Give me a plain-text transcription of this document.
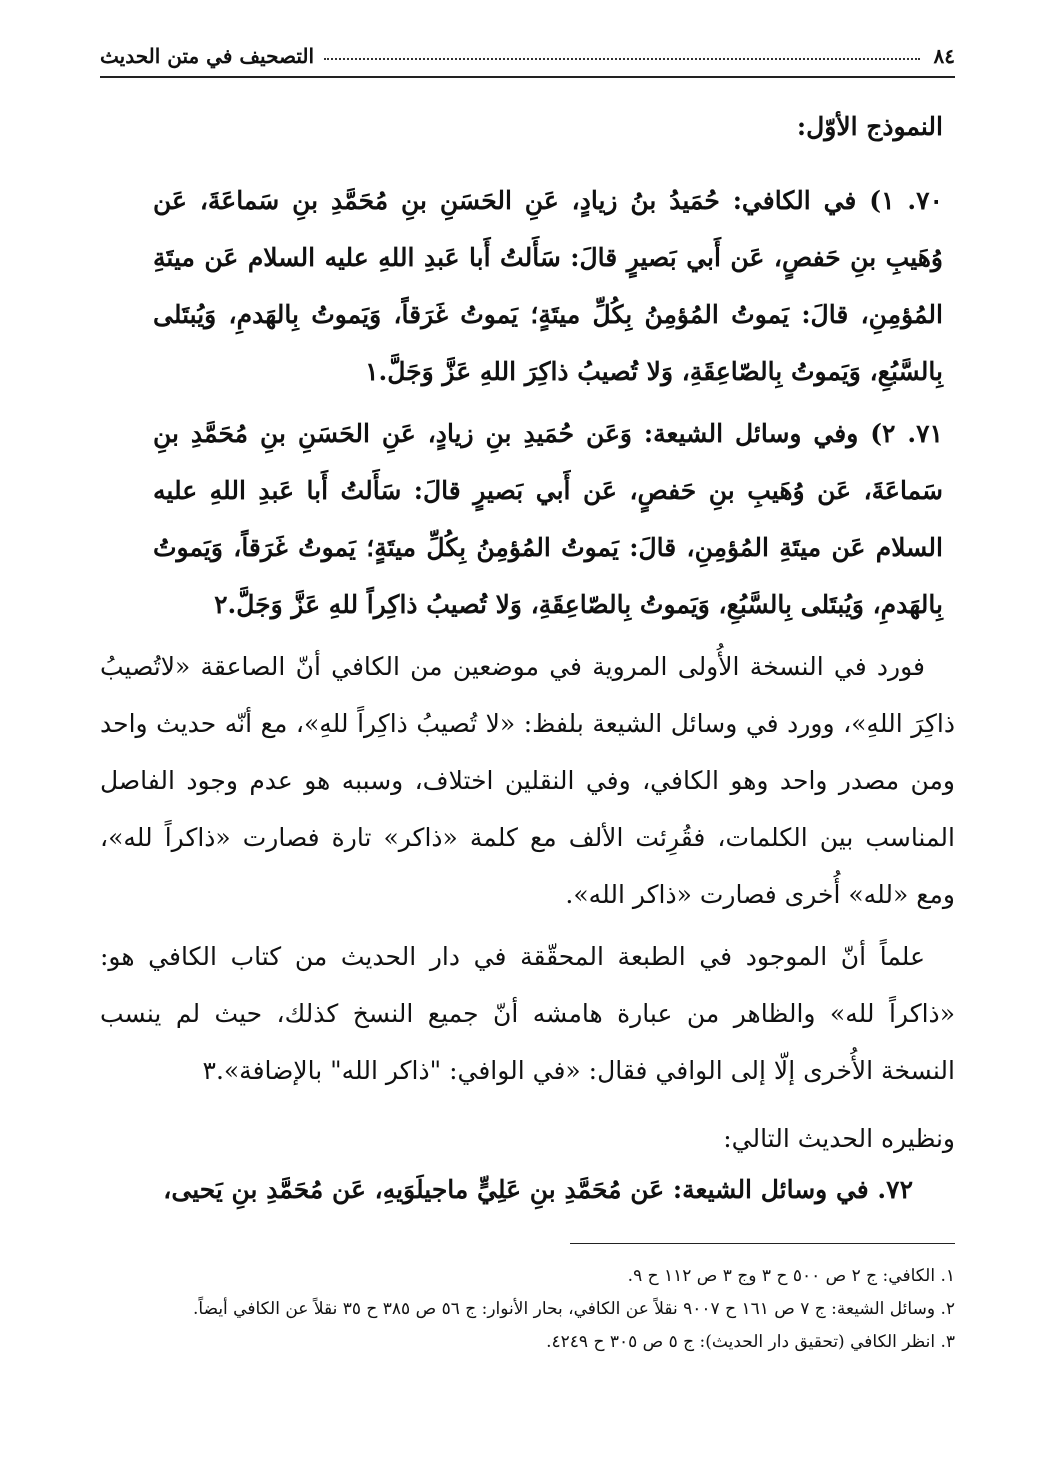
٨٤
التصحيف في متن الحديث
النموذج الأوّل:

٧٠. ١) في الكافي: حُمَيدُ بنُ زيادٍ، عَنِ الحَسَنِ بنِ مُحَمَّدِ بنِ سَماعَةَ، عَن وُهَيبِ بنِ حَفصٍ، عَن أَبي بَصيرٍ قالَ: سَأَلتُ أَبا عَبدِ اللهِ عليه السلام عَن ميتَةِ المُؤمِنِ، قالَ: يَموتُ المُؤمِنُ بِكُلِّ ميتَةٍ؛ يَموتُ غَرَقاً، وَيَموتُ بِالهَدمِ، وَيُبتَلى بِالسَّبُعِ، وَيَموتُ بِالصّاعِقَةِ، وَلا تُصيبُ ذاكِرَ اللهِ عَزَّ وَجَلَّ.١

٧١. ٢) وفي وسائل الشيعة: وَعَن حُمَيدِ بنِ زيادٍ، عَنِ الحَسَنِ بنِ مُحَمَّدِ بنِ سَماعَةَ، عَن وُهَيبِ بنِ حَفصٍ، عَن أَبي بَصيرٍ قالَ: سَأَلتُ أَبا عَبدِ اللهِ عليه السلام عَن ميتَةِ المُؤمِنِ، قالَ: يَموتُ المُؤمِنُ بِكُلِّ ميتَةٍ؛ يَموتُ غَرَقاً، وَيَموتُ بِالهَدمِ، وَيُبتَلى بِالسَّبُعِ، وَيَموتُ بِالصّاعِقَةِ، وَلا تُصيبُ ذاكِراً للهِ عَزَّ وَجَلَّ.٢

فورد في النسخة الأُولى المروية في موضعين من الكافي أنّ الصاعقة «لاتُصيبُ ذاكِرَ اللهِ»، وورد في وسائل الشيعة بلفظ: «لا تُصيبُ ذاكِراً للهِ»، مع أنّه حديث واحد ومن مصدر واحد وهو الكافي، وفي النقلين اختلاف، وسببه هو عدم وجود الفاصل المناسب بين الكلمات، فقُرِئت الألف مع كلمة «ذاكر» تارة فصارت «ذاكراً لله»، ومع «لله» أُخرى فصارت «ذاكر الله».

علماً أنّ الموجود في الطبعة المحقّقة في دار الحديث من كتاب الكافي هو: «ذاكراً لله» والظاهر من عبارة هامشه أنّ جميع النسخ كذلك، حيث لم ينسب النسخة الأُخرى إلّا إلى الوافي فقال: «في الوافي: "ذاكر الله" بالإضافة».٣

ونظيره الحديث التالي:

٧٢. في وسائل الشيعة: عَن مُحَمَّدِ بنِ عَلِيٍّ ماجيلَوَيهِ، عَن مُحَمَّدِ بنِ يَحيى،

١. الكافي: ج ٢ ص ٥٠٠ ح ٣ وج ٣ ص ١١٢ ح ٩.

٢. وسائل الشيعة: ج ٧ ص ١٦١ ح ٩٠٠٧ نقلاً عن الكافي، بحار الأنوار: ج ٥٦ ص ٣٨٥ ح ٣٥ نقلاً عن الكافي أيضاً.

٣. انظر الكافي (تحقيق دار الحديث): ج ٥ ص ٣٠٥ ح ٤٢٤٩.
